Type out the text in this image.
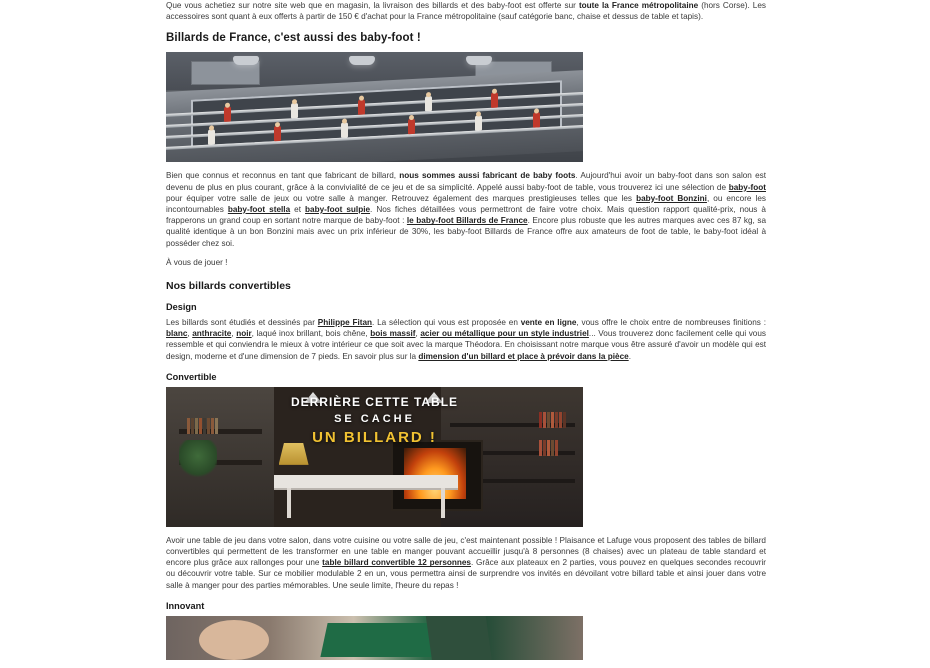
Que vous achetiez sur notre site web que en magasin, la livraison des billards et des baby-foot est offerte sur toute la France métropolitaine (hors Corse). Les accessoires sont quant à eux offerts à partir de 150 € d'achat pour la France métropolitaine (sauf catégorie banc, chaise et dessus de table et tapis).

Billards de France, c'est aussi des baby-foot !

Bien que connus et reconnus en tant que fabricant de billard, nous sommes aussi fabricant de baby foots. Aujourd'hui avoir un baby-foot dans son salon est devenu de plus en plus courant, grâce à la convivialité de ce jeu et de sa simplicité. Appelé aussi baby-foot de table, vous trouverez ici une sélection de baby-foot pour équiper votre salle de jeux ou votre salle à manger. Retrouvez également des marques prestigieuses telles que les baby-foot Bonzini, ou encore les incontournables baby-foot stella et baby-foot sulpie. Nos fiches détaillées vous permettront de faire votre choix. Mais question rapport qualité-prix, nous à frapperons un grand coup en sortant notre marque de baby-foot : le baby-foot Billards de France. Encore plus robuste que les autres marques avec ces 87 kg, sa qualité identique à un bon Bonzini mais avec un prix inférieur de 30%, les baby-foot Billards de France offre aux amateurs de foot de table, le baby-foot idéal à posséder chez soi.

À vous de jouer !

Nos billards convertibles
Design

Les billards sont étudiés et dessinés par Philippe Fitan. La sélection qui vous est proposée en vente en ligne, vous offre le choix entre de nombreuses finitions : blanc, anthracite, noir, laqué inox brillant, bois chêne, bois massif, acier ou métallique pour un style industriel... Vous trouverez donc facilement celle qui vous ressemble et qui conviendra le mieux à votre intérieur ce que soit avec la marque Théodora. En choisissant notre marque vous être assuré d'avoir un modèle qui est design, moderne et d'une dimension de 7 pieds. En savoir plus sur la dimension d'un billard et place à prévoir dans la pièce.

Convertible
DERRIÈRE CETTE TABLE
SE CACHE
UN BILLARD !

Avoir une table de jeu dans votre salon, dans votre cuisine ou votre salle de jeu, c'est maintenant possible ! Plaisance et Lafuge vous proposent des tables de billard convertibles qui permettent de les transformer en une table en manger pouvant accueillir jusqu'à 8 personnes (8 chaises) avec un plateau de table standard et encore plus grâce aux rallonges pour une table billard convertible 12 personnes. Grâce aux plateaux en 2 parties, vous pouvez en quelques secondes recouvrir ou découvrir votre table. Sur ce mobilier modulable 2 en un, vous permettra ainsi de surprendre vos invités en dévoilant votre billard table et ainsi jouer dans votre salle à manger pour des parties mémorables. Une seule limite, l'heure du repas !

Innovant
